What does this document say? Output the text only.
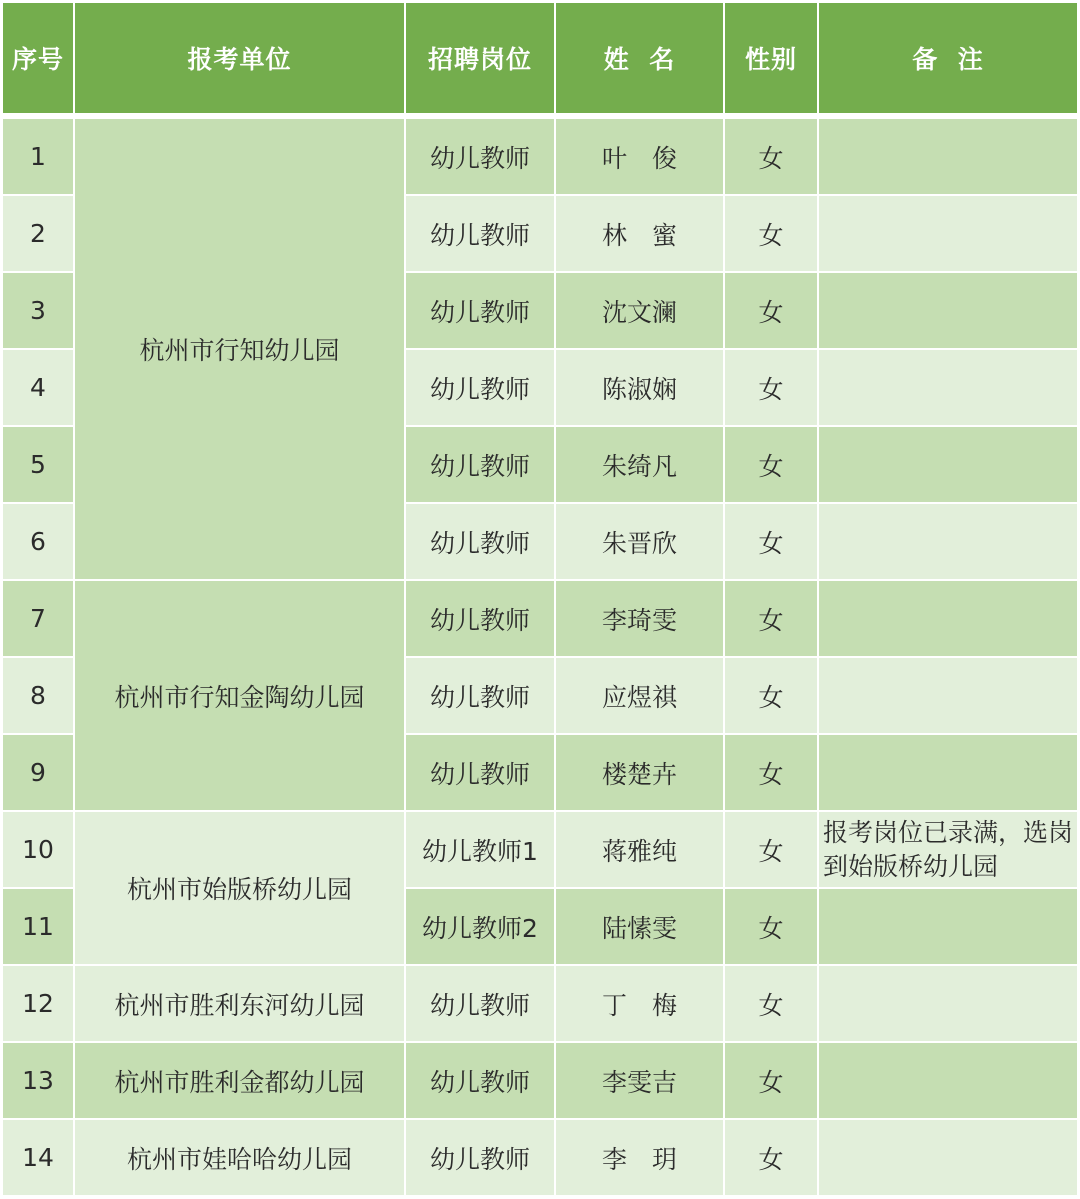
序号	报考单位	招聘岗位	姓  名	性别	备  注
1	杭州市行知幼儿园	幼儿教师	叶　俊	女	
2		幼儿教师	林　蜜	女	
3		幼儿教师	沈文澜	女	
4		幼儿教师	陈淑娴	女	
5		幼儿教师	朱绮凡	女	
6		幼儿教师	朱晋欣	女	
7	杭州市行知金陶幼儿园	幼儿教师	李琦雯	女	
8		幼儿教师	应煜祺	女	
9		幼儿教师	楼楚卉	女	
10	杭州市始版桥幼儿园	幼儿教师1	蒋雅纯	女	报考岗位已录满，选岗到始版桥幼儿园
11		幼儿教师2	陆愫雯	女	
12	杭州市胜利东河幼儿园	幼儿教师	丁　梅	女	
13	杭州市胜利金都幼儿园	幼儿教师	李雯吉	女	
14	杭州市娃哈哈幼儿园	幼儿教师	李　玥	女	
